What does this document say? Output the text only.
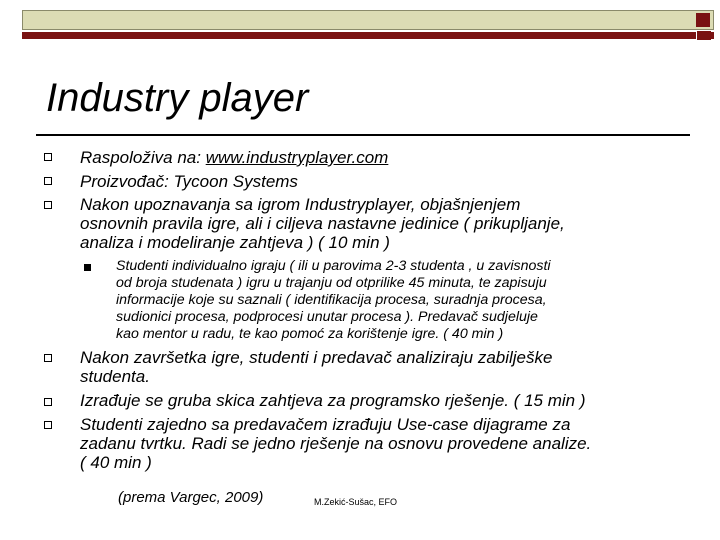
Industry player
Raspoloživa na: www.industryplayer.com
Proizvođač: Tycoon Systems
Nakon upoznavanja sa igrom Industryplayer, objašnjenjem
osnovnih pravila igre, ali i ciljeva nastavne jedinice ( prikupljanje,
analiza i modeliranje zahtjeva ) ( 10 min )
Studenti individualno igraju ( ili u parovima 2-3 studenta , u zavisnosti
od broja studenata ) igru u trajanju od otprilike 45 minuta, te zapisuju
informacije koje su saznali ( identifikacija procesa, suradnja procesa,
sudionici procesa, podprocesi unutar procesa ). Predavač sudjeluje
kao mentor u radu, te kao pomoć za korištenje igre. ( 40 min )
Nakon završetka igre, studenti i predavač analiziraju zabilješke
studenta.
Izrađuje se gruba skica zahtjeva za programsko rješenje. ( 15 min )
Studenti zajedno sa predavačem izrađuju Use-case dijagrame za
zadanu tvrtku. Radi se jedno rješenje na osnovu provedene analize.
( 40 min )
(prema Vargec, 2009)	M.Zekić-Sušac, EFO
